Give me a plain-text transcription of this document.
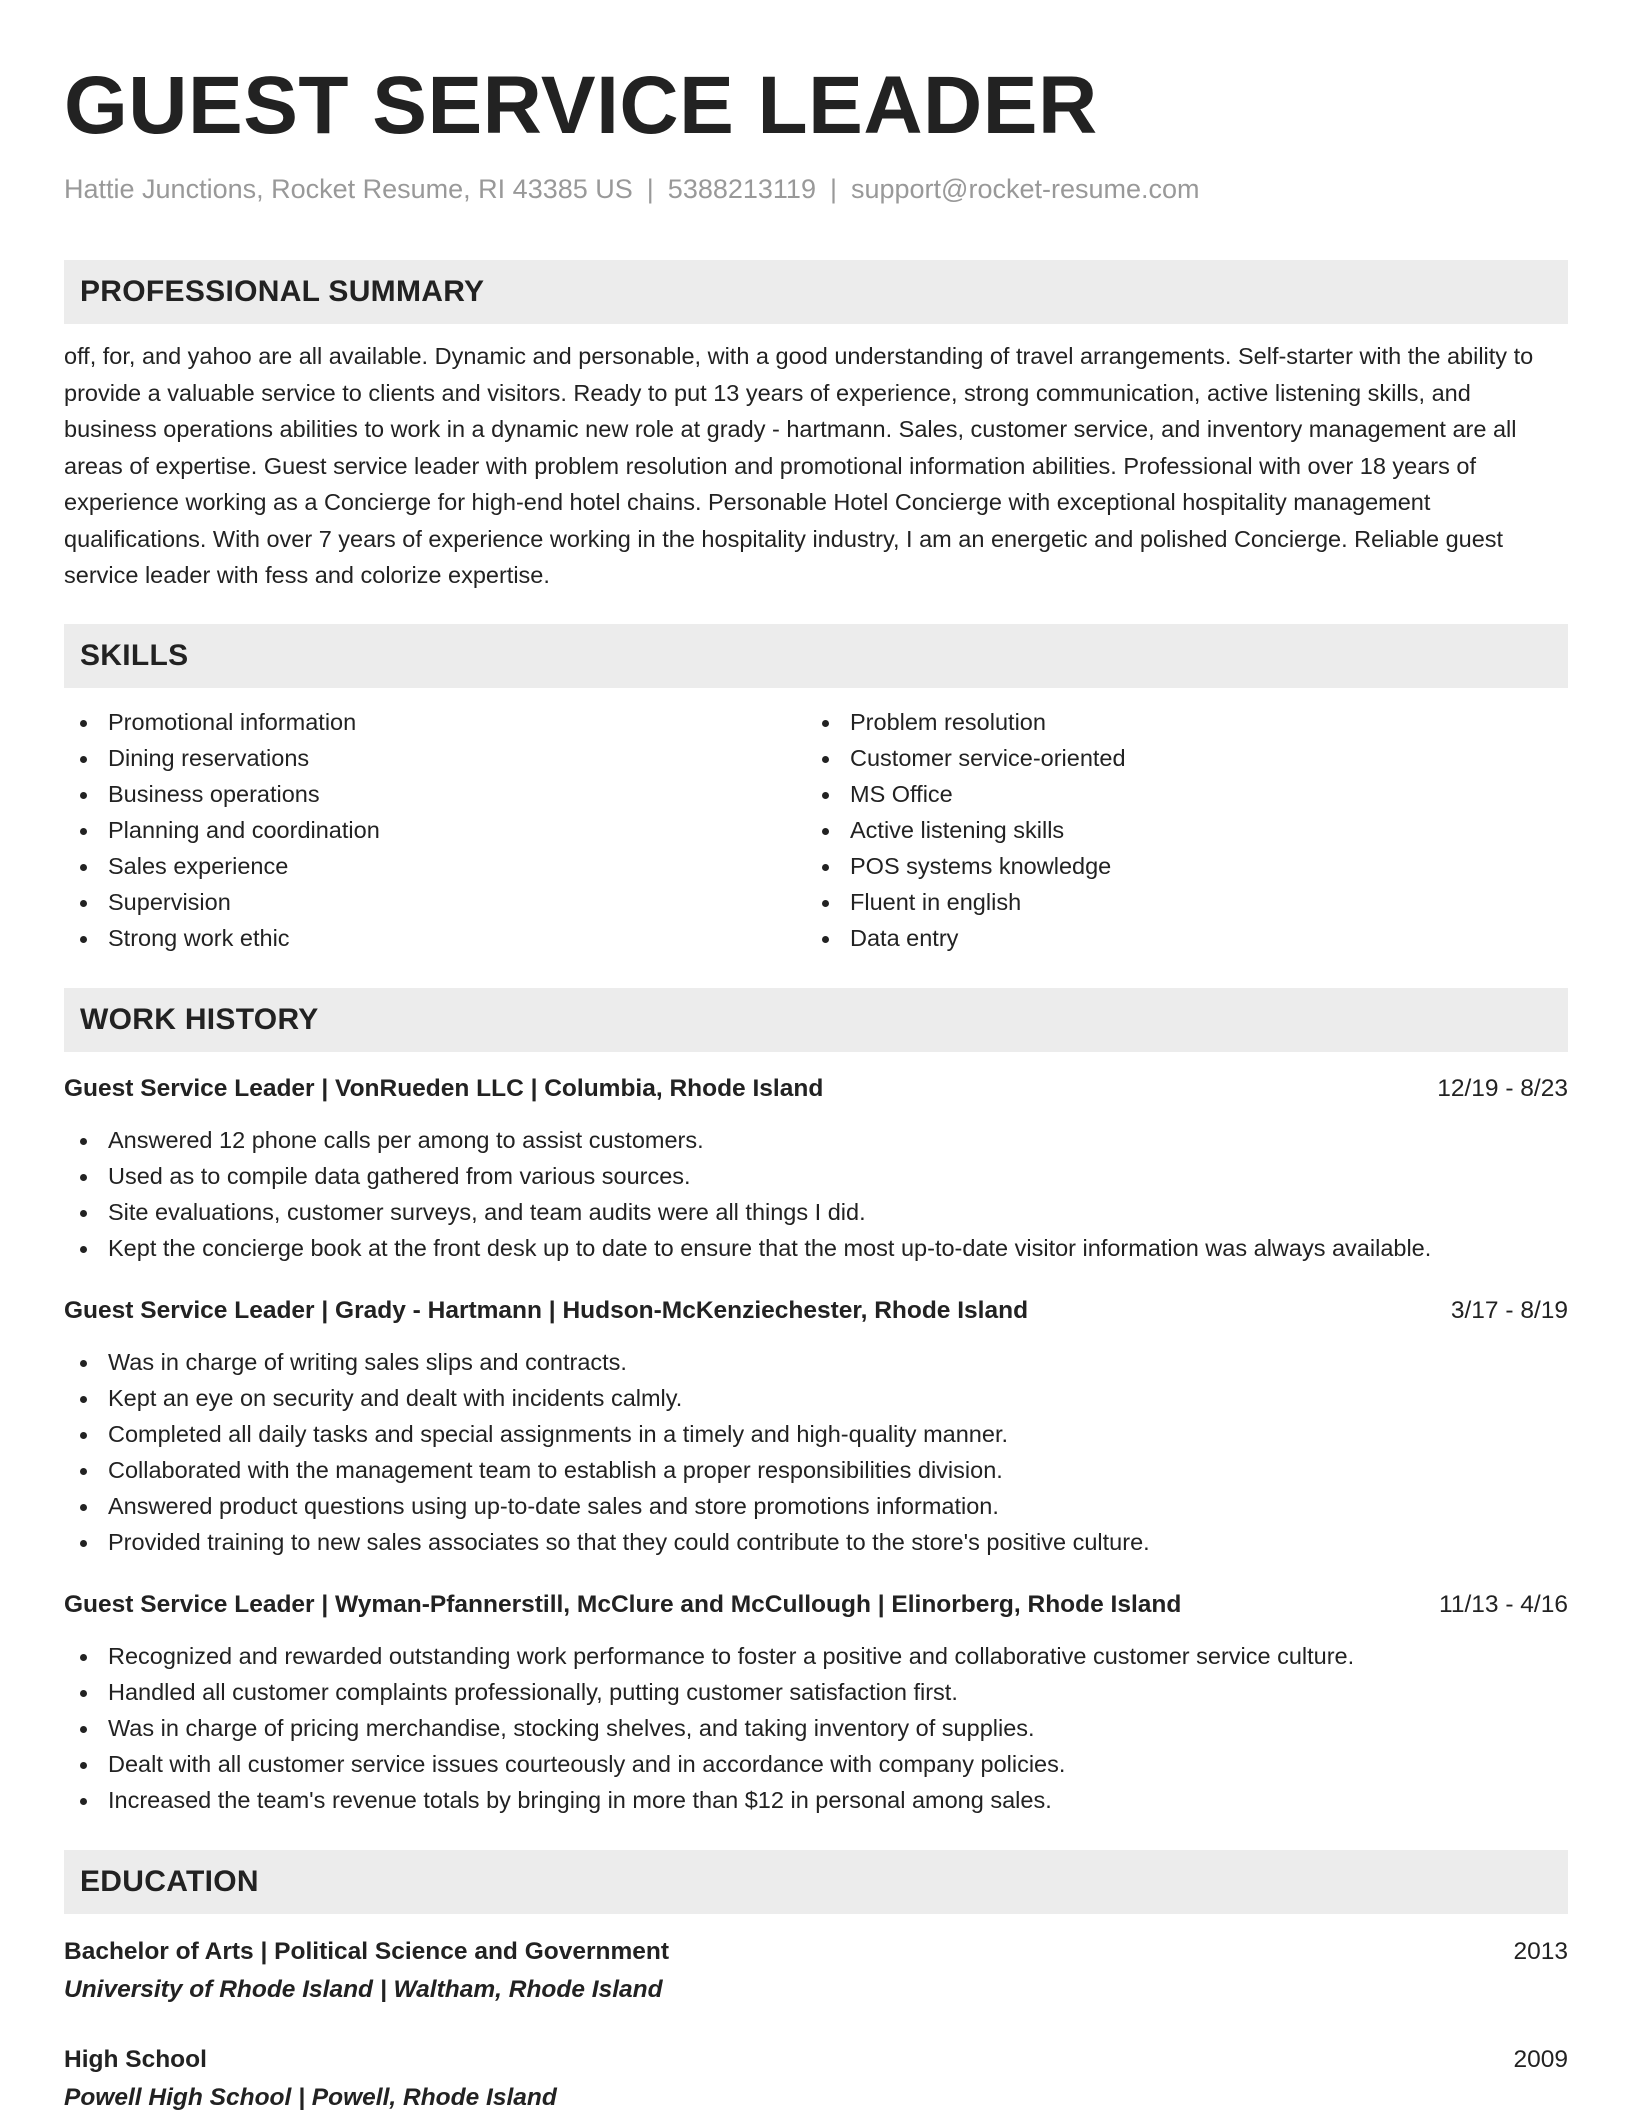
GUEST SERVICE LEADER
Hattie Junctions, Rocket Resume, RI 43385 US | 5388213119 | support@rocket-resume.com
PROFESSIONAL SUMMARY
off, for, and yahoo are all available. Dynamic and personable, with a good understanding of travel arrangements. Self-starter with the ability to provide a valuable service to clients and visitors. Ready to put 13 years of experience, strong communication, active listening skills, and business operations abilities to work in a dynamic new role at grady - hartmann. Sales, customer service, and inventory management are all areas of expertise. Guest service leader with problem resolution and promotional information abilities. Professional with over 18 years of experience working as a Concierge for high-end hotel chains. Personable Hotel Concierge with exceptional hospitality management qualifications. With over 7 years of experience working in the hospitality industry, I am an energetic and polished Concierge. Reliable guest service leader with fess and colorize expertise.
SKILLS
Promotional information
Dining reservations
Business operations
Planning and coordination
Sales experience
Supervision
Strong work ethic
Problem resolution
Customer service-oriented
MS Office
Active listening skills
POS systems knowledge
Fluent in english
Data entry
WORK HISTORY
Guest Service Leader | VonRueden LLC | Columbia, Rhode Island	12/19 - 8/23
Answered 12 phone calls per among to assist customers.
Used as to compile data gathered from various sources.
Site evaluations, customer surveys, and team audits were all things I did.
Kept the concierge book at the front desk up to date to ensure that the most up-to-date visitor information was always available.
Guest Service Leader | Grady - Hartmann | Hudson-McKenziechester, Rhode Island	3/17 - 8/19
Was in charge of writing sales slips and contracts.
Kept an eye on security and dealt with incidents calmly.
Completed all daily tasks and special assignments in a timely and high-quality manner.
Collaborated with the management team to establish a proper responsibilities division.
Answered product questions using up-to-date sales and store promotions information.
Provided training to new sales associates so that they could contribute to the store's positive culture.
Guest Service Leader | Wyman-Pfannerstill, McClure and McCullough | Elinorberg, Rhode Island	11/13 - 4/16
Recognized and rewarded outstanding work performance to foster a positive and collaborative customer service culture.
Handled all customer complaints professionally, putting customer satisfaction first.
Was in charge of pricing merchandise, stocking shelves, and taking inventory of supplies.
Dealt with all customer service issues courteously and in accordance with company policies.
Increased the team's revenue totals by bringing in more than $12 in personal among sales.
EDUCATION
Bachelor of Arts | Political Science and Government	2013
University of Rhode Island | Waltham, Rhode Island
High School	2009
Powell High School | Powell, Rhode Island
